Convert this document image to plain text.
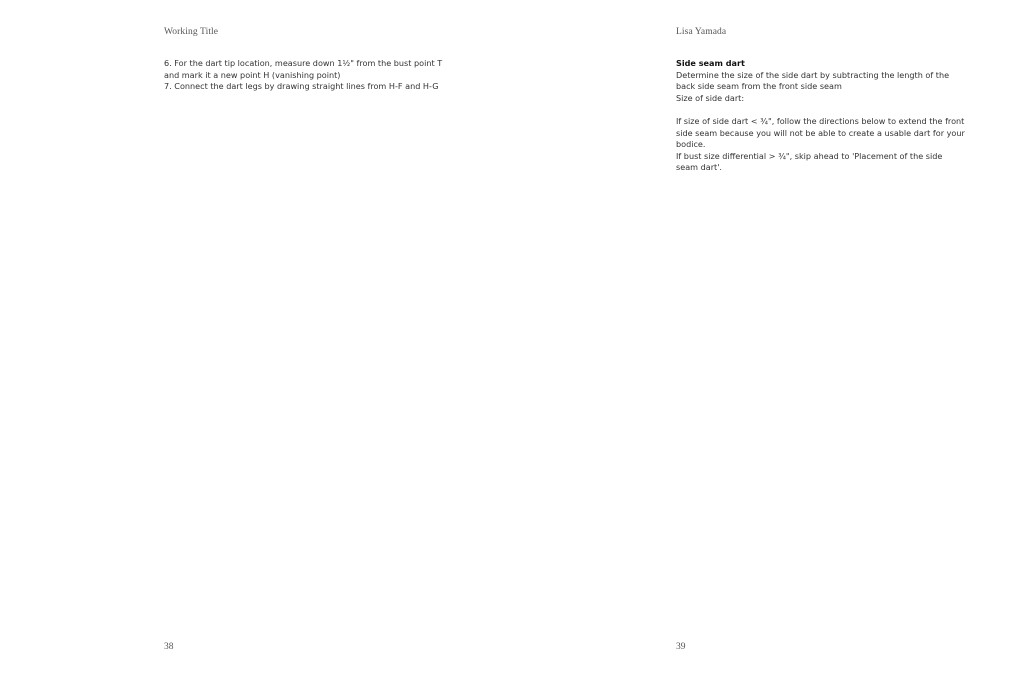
Working Title

6. For the dart tip location, measure down 1½" from the bust point T and mark it a new point H (vanishing point)

7. Connect the dart legs by drawing straight lines from H-F and H-G

38
Lisa Yamada

Side seam dart

Determine the size of the side dart by subtracting the length of the back side seam from the front side seam

Size of side dart:

If size of side dart < ¾", follow the directions below to extend the front side seam because you will not be able to create a usable dart for your bodice.

If bust size differential > ¾", skip ahead to 'Placement of the side seam dart'.

39
